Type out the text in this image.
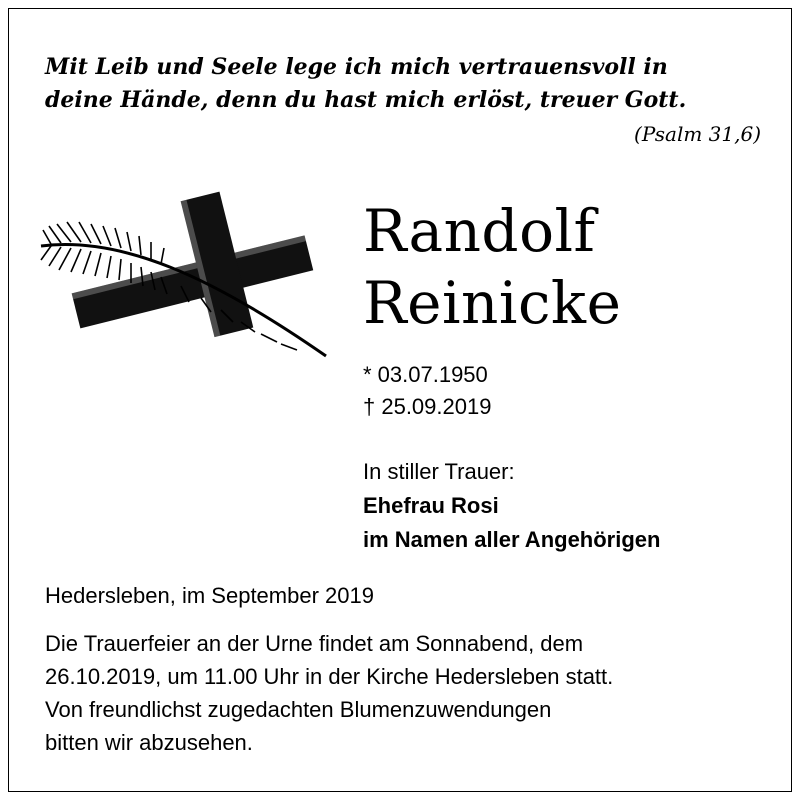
Mit Leib und Seele lege ich mich vertrauensvoll in
deine Hände, denn du hast mich erlöst, treuer Gott.
(Psalm 31,6)
Randolf
Reinicke
* 03.07.1950
† 25.09.2019
In stiller Trauer:
Ehefrau Rosi
im Namen aller Angehörigen
Hedersleben, im September 2019
Die Trauerfeier an der Urne findet am Sonnabend, dem
26.10.2019, um 11.00 Uhr in der Kirche Hedersleben statt.
Von freundlichst zugedachten Blumenzuwendungen
bitten wir abzusehen.
